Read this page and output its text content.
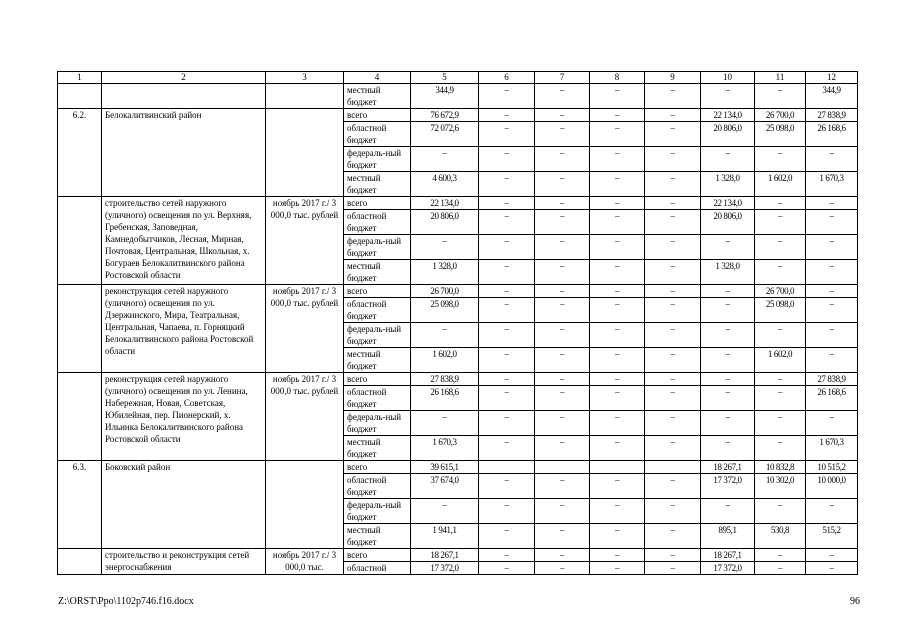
1	2	3	4	5	6	7	8	9	10	11	12
			местный бюджет	344,9	–	–	–	–	–	–	344,9
6.2.	Белокалитвинский район		всего	76 672,9	–	–	–	–	22 134,0	26 700,0	27 838,9
			областной бюджет	72 072,6	–	–	–	–	20 806,0	25 098,0	26 168,6
			федераль-ный бюджет	–	–	–	–	–	–	–	–
			местный бюджет	4 600,3	–	–	–	–	1 328,0	1 602,0	1 670,3
	строительство сетей наружного (уличного) освещения по ул. Верхняя, Гребенская, Заповедная, Камнедобытчиков, Лесная, Мирная, Почтовая, Центральная, Школьная, х. Богураев Белокалитвинского района Ростовской области	ноябрь 2017 г./ 3 000,0 тыс. рублей	всего	22 134,0	–	–	–	–	22 134,0	–	–
			областной бюджет	20 806,0	–	–	–	–	20 806,0	–	–
			федераль-ный бюджет	–	–	–	–	–	–	–	–
			местный бюджет	1 328,0	–	–	–	–	1 328,0	–	–
	реконструкция сетей наружного (уличного) освещения по ул. Дзержинского, Мира, Театральная, Центральная, Чапаева, п. Горняцкий Белокалитвинского района Ростовской области	ноябрь 2017 г./ 3 000,0 тыс. рублей	всего	26 700,0	–	–	–	–	–	26 700,0	–
			областной бюджет	25 098,0	–	–	–	–	–	25 098,0	–
			федераль-ный бюджет	–	–	–	–	–	–	–	–
			местный бюджет	1 602,0	–	–	–	–	–	1 602,0	–
	реконструкция сетей наружного (уличного) освещения по ул. Ленина, Набережная, Новая, Советская, Юбилейная, пер. Пионерский, х. Ильинка Белокалитвинского района Ростовской области	ноябрь 2017 г./ 3 000,0 тыс. рублей	всего	27 838,9	–	–	–	–	–	–	27 838,9
			областной бюджет	26 168,6	–	–	–	–	–	–	26 168,6
			федераль-ный бюджет	–	–	–	–	–	–	–	–
			местный бюджет	1 670,3	–	–	–	–	–	–	1 670,3
6.3.	Боковский район		всего	39 615,1					18 267,1	10 832,8	10 515,2
			областной бюджет	37 674,0	–	–	–	–	17 372,0	10 302,0	10 000,0
			федераль-ный бюджет	–	–	–	–	–	–	–	–
			местный бюджет	1 941,1	–	–	–	–	895,1	530,8	515,2
	строительство и реконструкция сетей энергоснабжения	ноябрь 2017 г./ 3 000,0 тыс.	всего	18 267,1	–	–	–	–	18 267,1	–	–
			областной	17 372,0	–	–	–	–	17 372,0	–	–
Z:\ORST\Ppo\1102p746.f16.docx	96
